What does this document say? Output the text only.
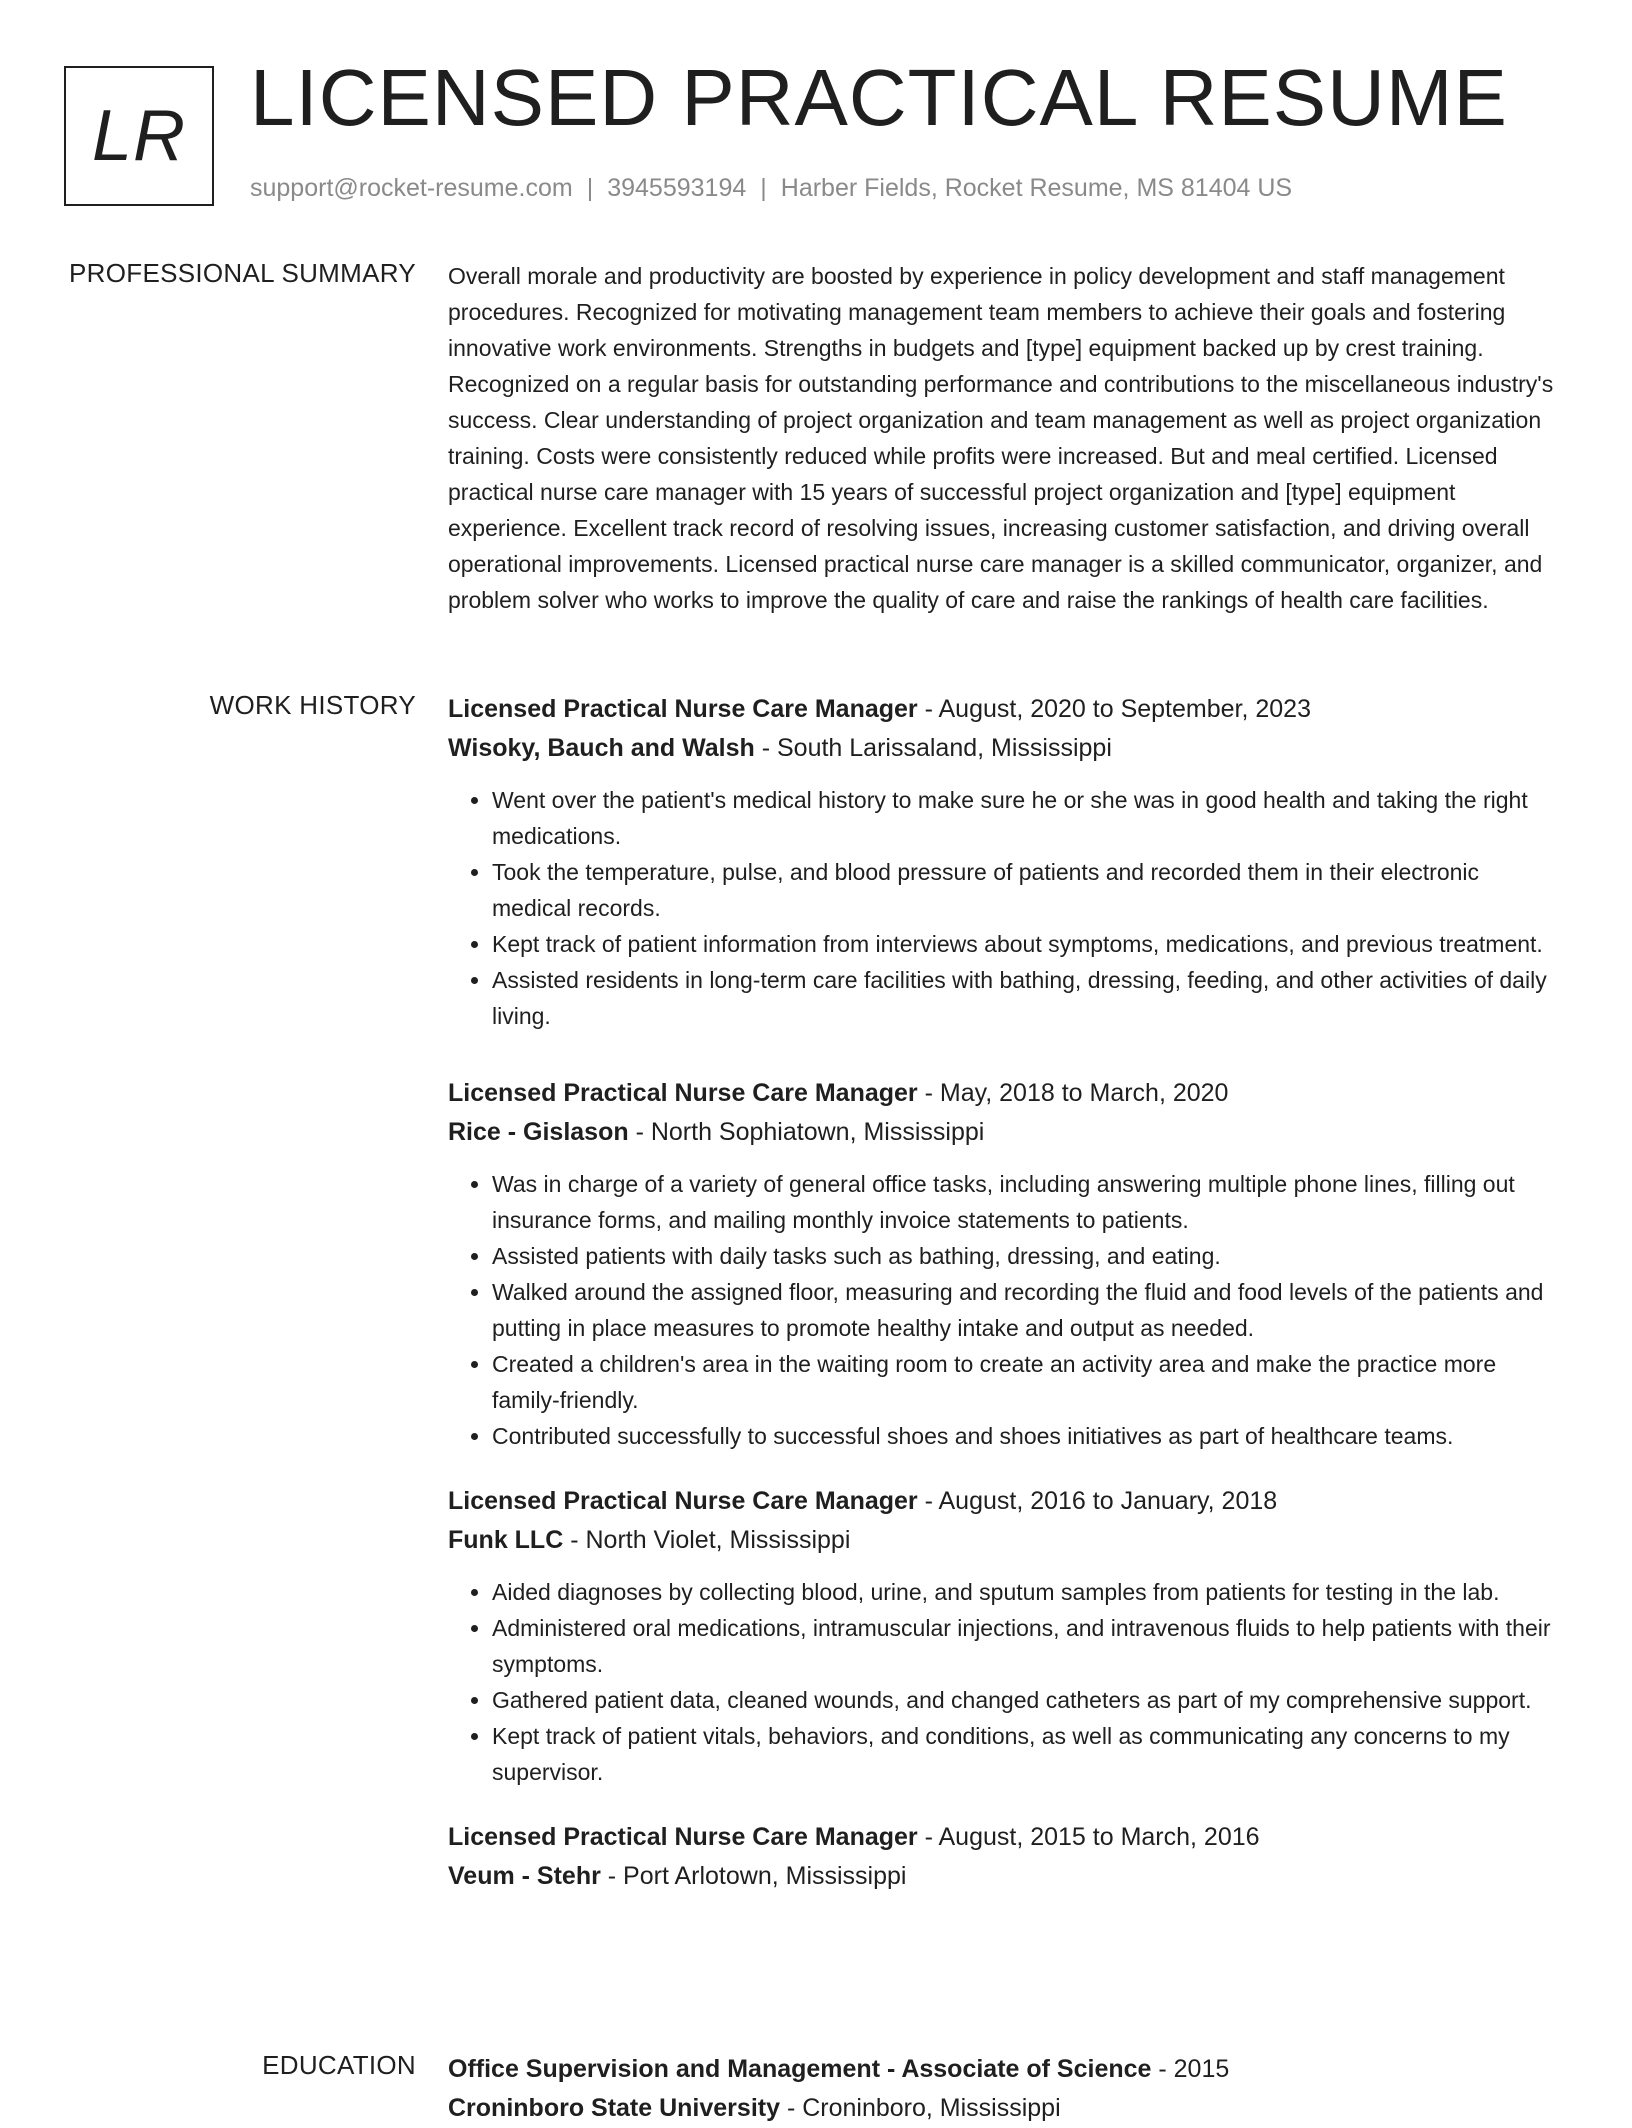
LR LICENSED PRACTICAL RESUME
support@rocket-resume.com | 3945593194 | Harber Fields, Rocket Resume, MS 81404 US
PROFESSIONAL SUMMARY Overall morale and productivity are boosted by experience in policy development and staff management procedures. Recognized for motivating management team members to achieve their goals and fostering innovative work environments. Strengths in budgets and [type] equipment backed up by crest training. Recognized on a regular basis for outstanding performance and contributions to the miscellaneous industry's success. Clear understanding of project organization and team management as well as project organization training. Costs were consistently reduced while profits were increased. But and meal certified. Licensed practical nurse care manager with 15 years of successful project organization and [type] equipment experience. Excellent track record of resolving issues, increasing customer satisfaction, and driving overall operational improvements. Licensed practical nurse care manager is a skilled communicator, organizer, and problem solver who works to improve the quality of care and raise the rankings of health care facilities.

WORK HISTORY Licensed Practical Nurse Care Manager - August, 2020 to September, 2023
Wisoky, Bauch and Walsh - South Larissaland, Mississippi
• Went over the patient's medical history to make sure he or she was in good health and taking the right medications.
• Took the temperature, pulse, and blood pressure of patients and recorded them in their electronic medical records.
• Kept track of patient information from interviews about symptoms, medications, and previous treatment.
• Assisted residents in long-term care facilities with bathing, dressing, feeding, and other activities of daily living.
Licensed Practical Nurse Care Manager - May, 2018 to March, 2020
Rice - Gislason - North Sophiatown, Mississippi
• Was in charge of a variety of general office tasks, including answering multiple phone lines, filling out insurance forms, and mailing monthly invoice statements to patients.
• Assisted patients with daily tasks such as bathing, dressing, and eating.
• Walked around the assigned floor, measuring and recording the fluid and food levels of the patients and putting in place measures to promote healthy intake and output as needed.
• Created a children's area in the waiting room to create an activity area and make the practice more family-friendly.
• Contributed successfully to successful shoes and shoes initiatives as part of healthcare teams.
Licensed Practical Nurse Care Manager - August, 2016 to January, 2018
Funk LLC - North Violet, Mississippi
• Aided diagnoses by collecting blood, urine, and sputum samples from patients for testing in the lab.
• Administered oral medications, intramuscular injections, and intravenous fluids to help patients with their symptoms.
• Gathered patient data, cleaned wounds, and changed catheters as part of my comprehensive support.
• Kept track of patient vitals, behaviors, and conditions, as well as communicating any concerns to my supervisor.
Licensed Practical Nurse Care Manager - August, 2015 to March, 2016
Veum - Stehr - Port Arlotown, Mississippi
EDUCATION Office Supervision and Management - Associate of Science - 2015
Croninboro State University - Croninboro, Mississippi
